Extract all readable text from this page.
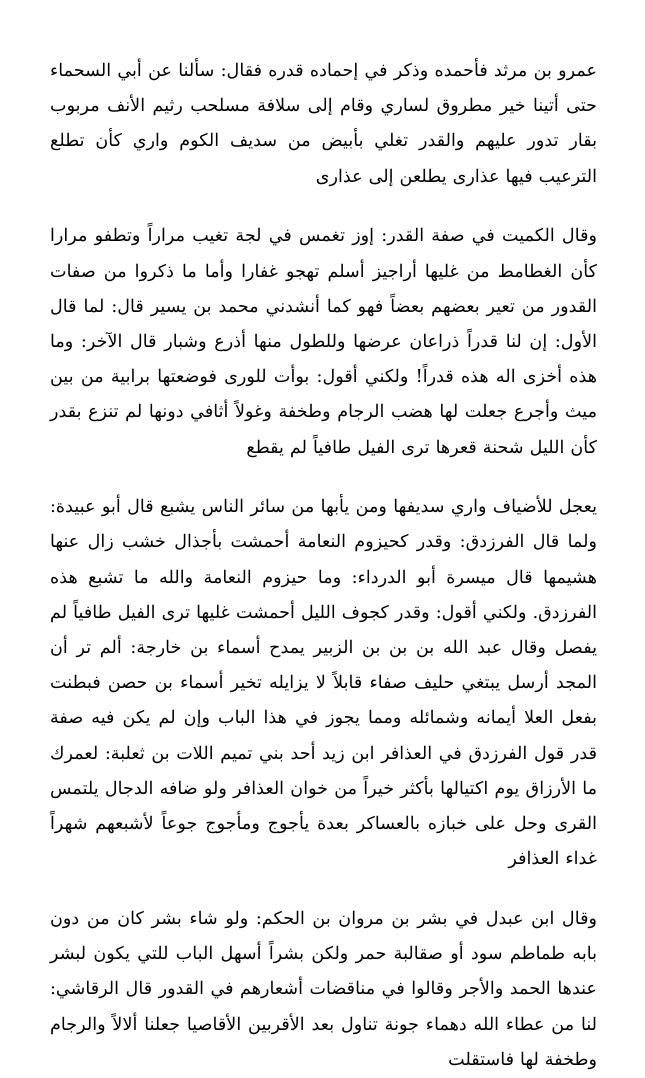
عمرو بن مرثد فأحمده وذكر في إحماده قدره فقال: سألنا عن أبي السحماء حتى أتينا خير مطروق لساري وقام إلى سلافة مسلحب رثيم الأنف مربوب بقار تدور عليهم والقدر تغلي بأبيض من سديف الكوم واري كأن تطلع الترعيب فيها عذارى يطلعن إلى عذارى

وقال الكميت في صفة القدر: إوز تغمس في لجة تغيب مراراً وتطفو مرارا كأن الغطامط من غليها أراجيز أسلم تهجو غفارا وأما ما ذكروا من صفات القدور من تعير بعضهم بعضاً فهو كما أنشدني محمد بن يسير قال: لما قال الأول: إن لنا قدراً ذراعان عرضها وللطول منها أذرع وشبار قال الآخر: وما هذه أخزى اله هذه قدراً! ولكني أقول: بوأت للورى فوضعتها برابية من بين ميث وأجرع جعلت لها هضب الرجام وطخفة وغولاً أثافي دونها لم تنزع بقدر كأن الليل شحنة قعرها ترى الفيل طافياً لم يقطع

يعجل للأضياف واري سديفها ومن يأبها من سائر الناس يشبع قال أبو عبيدة: ولما قال الفرزدق: وقدر كحيزوم النعامة أحمشت بأجذال خشب زال عنها هشيمها قال ميسرة أبو الدرداء: وما حيزوم النعامة والله ما تشبع هذه الفرزدق. ولكني أقول: وقدر كجوف الليل أحمشت غليها ترى الفيل طافياً لم يفصل وقال عبد الله بن بن بن الزبير يمدح أسماء بن خارجة: ألم تر أن المجد أرسل يبتغي حليف صفاء قابلاً لا يزايله تخير أسماء بن حصن فبطنت بفعل العلا أيمانه وشمائله ومما يجوز في هذا الباب وإن لم يكن فيه صفة قدر قول الفرزدق في العذافر ابن زيد أحد بني تميم اللات بن ثعلبة: لعمرك ما الأرزاق يوم اكتيالها بأكثر خيراً من خوان العذافر ولو ضافه الدجال يلتمس القرى وحل على خبازه بالعساكر بعدة يأجوج ومأجوج جوعاً لأشبعهم شهراً غداء العذافر

وقال ابن عبدل في بشر بن مروان بن الحكم: ولو شاء بشر كان من دون بابه طماطم سود أو صقالبة حمر ولكن بشراً أسهل الباب للتي يكون لبشر عندها الحمد والأجر وقالوا في مناقضات أشعارهم في القدور قال الرقاشي: لنا من عطاء الله دهماء جونة تناول بعد الأقربين الأقاصيا جعلنا ألالاً والرجام وطخفة لها فاستقلت
